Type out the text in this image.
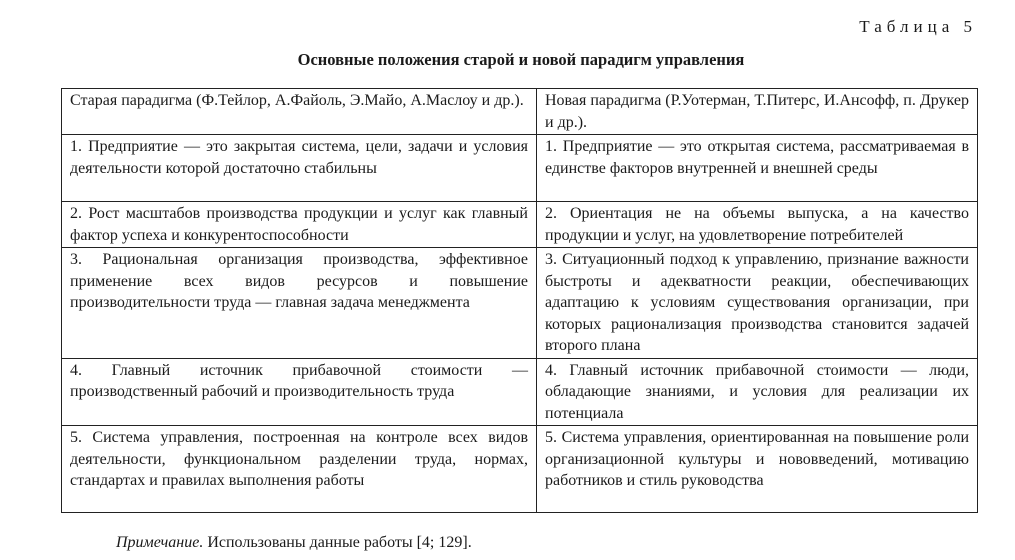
Таблица 5
Основные положения старой и новой парадигм управления
Старая парадигма (Ф.Тейлор, А.Файоль, Э.Майо, А.Маслоу и др.).	Новая парадигма (Р.Уотерман, Т.Питерс, И.Ансофф, п. Друкер и др.).
1. Предприятие — это закрытая система, цели, задачи и условия деятельности которой достаточно стабильны	1. Предприятие — это открытая система, рассматриваемая в единстве факторов внутренней и внешней среды
2. Рост масштабов производства продукции и услуг как главный фактор успеха и конкурентоспособности	2. Ориентация не на объемы выпуска, а на качество продукции и услуг, на удовлетворение потребителей
3. Рациональная организация производства, эффективное применение всех видов ресурсов и повышение производительности труда — главная задача менеджмента	3. Ситуационный подход к управлению, признание важности быстроты и адекватности реакции, обеспечивающих адаптацию к условиям существования организации, при которых рационализация производства становится задачей второго плана
4. Главный источник прибавочной стоимости — производственный рабочий и производительность труда	4. Главный источник прибавочной стоимости — люди, обладающие знаниями, и условия для реализации их потенциала
5. Система управления, построенная на контроле всех видов деятельности, функциональном разделении труда, нормах, стандартах и правилах выполнения работы	5. Система управления, ориентированная на повышение роли организационной культуры и нововведений, мотивацию работников и стиль руководства
Примечание. Использованы данные работы [4; 129].
